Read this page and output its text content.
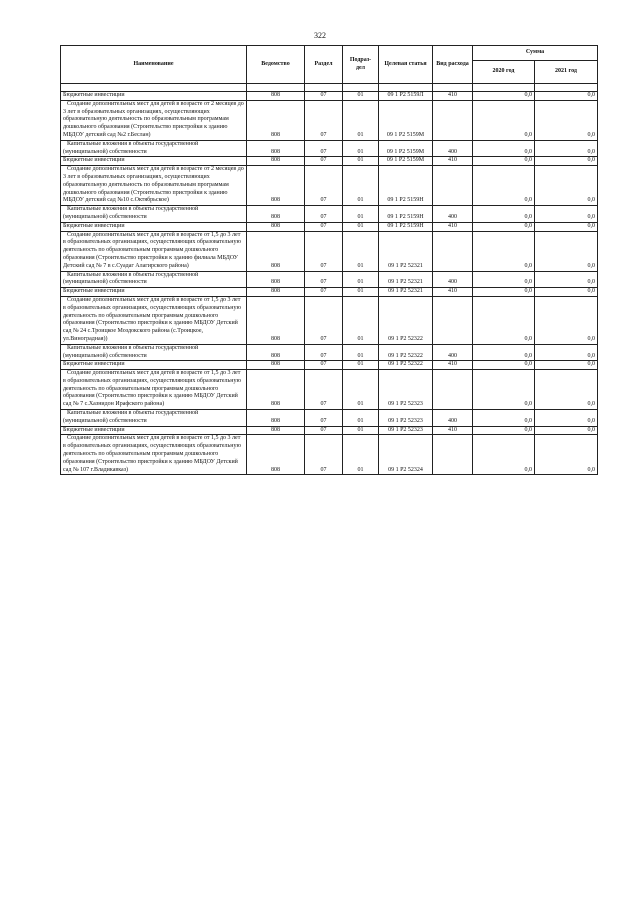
322
Наименование	Ведомство	Раздел	Подраз- дел	Целевая статья	Вид расхода	Сумма	
						2020 год	2021 год

Бюджетные инвестиции	808	07	01	09 1 P2 5159Л	410	0,0	0,0
Создание дополнительных мест для детей в возрасте от 2 месяцев до 3 лет в образовательных организациях, осуществляющих образовательную деятельность по образовательным программам дошкольного образования (Строительство пристройки к зданию МБДОУ детский сад №2 г.Беслан)	808	07	01	09 1 P2 5159М		0,0	0,0
Капитальные вложения в объекты государственной (муниципальной) собственности	808	07	01	09 1 P2 5159М	400	0,0	0,0
Бюджетные инвестиции	808	07	01	09 1 P2 5159М	410	0,0	0,0
Создание дополнительных мест для детей в возрасте от 2 месяцев до 3 лет в образовательных организациях, осуществляющих образовательную деятельность по образовательным программам дошкольного образования (Строительство пристройки к зданию МБДОУ детский сад №10 с.Октябрьское)	808	07	01	09 1 P2 5159Н		0,0	0,0
Капитальные вложения в объекты государственной (муниципальной) собственности	808	07	01	09 1 P2 5159Н	400	0,0	0,0
Бюджетные инвестиции	808	07	01	09 1 P2 5159Н	410	0,0	0,0
Создание дополнительных мест для детей в возрасте от 1,5 до 3 лет в образовательных организациях, осуществляющих образовательную деятельность по образовательным программам дошкольного образования (Строительство пристройки к зданию филиала МБДОУ Детский сад № 7 в с.Суадаг Алагирского района)	808	07	01	09 1 P2 52321		0,0	0,0
Капитальные вложения в объекты государственной (муниципальной) собственности	808	07	01	09 1 P2 52321	400	0,0	0,0
Бюджетные инвестиции	808	07	01	09 1 P2 52321	410	0,0	0,0
Создание дополнительных мест для детей в возрасте от 1,5 до 3 лет в образовательных организациях, осуществляющих образовательную деятельность по образовательным программам дошкольного образования (Строительство пристройки к зданию МБДОУ Детский сад № 24 с.Троицкое Моздокского района (с.Троицкое, ул.Виноградная))	808	07	01	09 1 P2 52322		0,0	0,0
Капитальные вложения в объекты государственной (муниципальной) собственности	808	07	01	09 1 P2 52322	400	0,0	0,0
Бюджетные инвестиции	808	07	01	09 1 P2 52322	410	0,0	0,0
Создание дополнительных мест для детей в возрасте от 1,5 до 3 лет в образовательных организациях, осуществляющих образовательную деятельность по образовательным программам дошкольного образования (Строительство пристройки к зданию МБДОУ Детский сад № 7 с.Хазнидон Ирафского района)	808	07	01	09 1 P2 52323		0,0	0,0
Капитальные вложения в объекты государственной (муниципальной) собственности	808	07	01	09 1 P2 52323	400	0,0	0,0
Бюджетные инвестиции	808	07	01	09 1 P2 52323	410	0,0	0,0
Создание дополнительных мест для детей в возрасте от 1,5 до 3 лет в образовательных организациях, осуществляющих образовательную деятельность по образовательным программам дошкольного образования (Строительство пристройки к зданию МБДОУ Детский сад № 107 г.Владикавказ)	808	07	01	09 1 P2 52324		0,0	0,0
